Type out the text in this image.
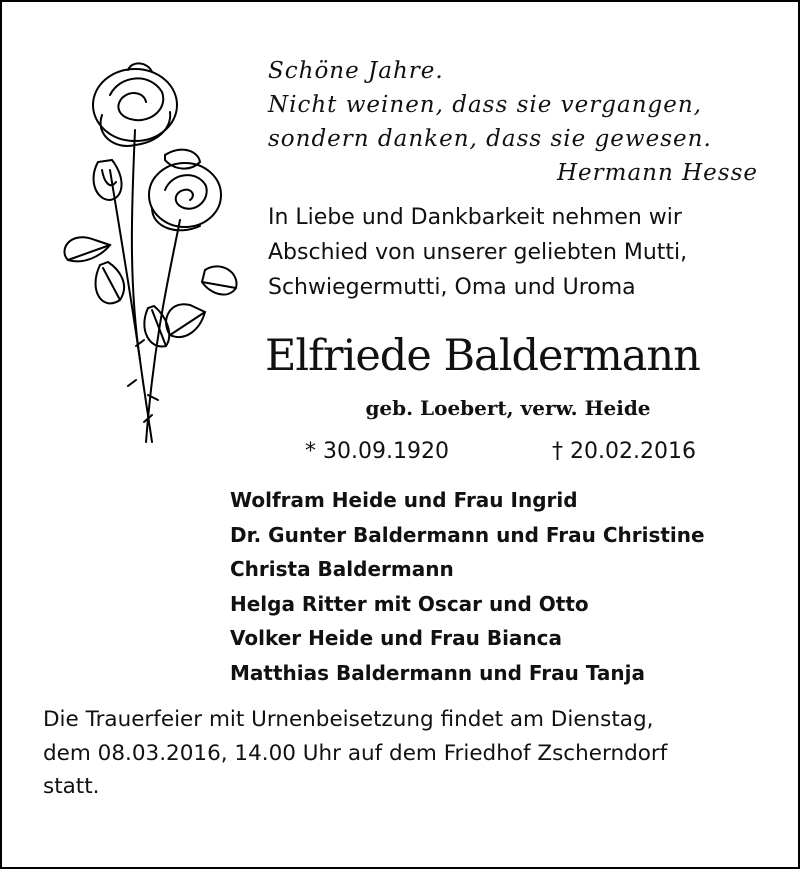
Schöne Jahre.
Nicht weinen, dass sie vergangen,
sondern danken, dass sie gewesen.
Hermann Hesse
In Liebe und Dankbarkeit nehmen wir
Abschied von unserer geliebten Mutti,
Schwiegermutti, Oma und Uroma
Elfriede Baldermann
geb. Loebert, verw. Heide
* 30.09.1920	† 20.02.2016
Wolfram Heide und Frau Ingrid
Dr. Gunter Baldermann und Frau Christine
Christa Baldermann
Helga Ritter mit Oscar und Otto
Volker Heide und Frau Bianca
Matthias Baldermann und Frau Tanja
Die Trauerfeier mit Urnenbeisetzung findet am Dienstag,
dem 08.03.2016, 14.00 Uhr auf dem Friedhof Zscherndorf
statt.
